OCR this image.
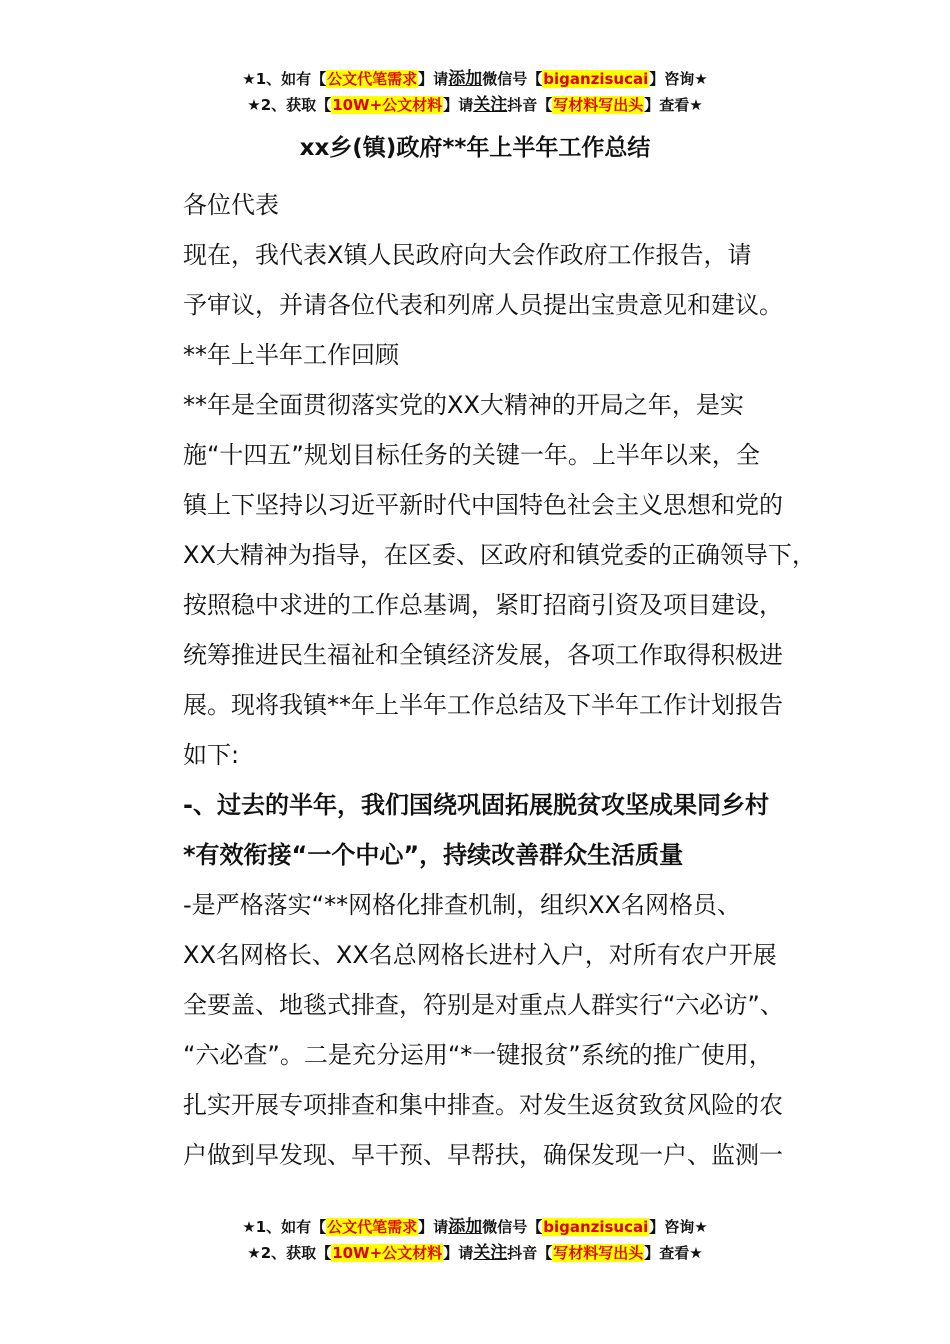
★1、如有【公文代笔需求】请添加微信号【biganzisucai】咨询★
★2、获取【10W+公文材料】请关注抖音【写材料写出头】查看★
xx乡(镇)政府**年上半年工作总结

各位代表

现在，我代表X镇人民政府向大会作政府工作报告，请
予审议，并请各位代表和列席人员提出宝贵意见和建议。

**年上半年工作回顾

**年是全面贯彻落实党的XX大精神的开局之年，是实
施“十四五”规划目标任务的关键一年。上半年以来，全
镇上下坚持以习近平新时代中国特色社会主义思想和党的
XX大精神为指导，在区委、区政府和镇党委的正确领导下，
按照稳中求进的工作总基调，紧盯招商引资及项目建设，
统筹推进民生福祉和全镇经济发展，各项工作取得积极进
展。现将我镇**年上半年工作总结及下半年工作计划报告
如下:

-、过去的半年，我们国绕巩固拓展脱贫攻坚成果同乡村
*有效衔接“一个中心”，持续改善群众生活质量

-是严格落实“**网格化排查机制，组织XX名网格员、
XX名网格长、XX名总网格长进村入户，对所有农户开展
全要盖、地毯式排查，符别是对重点人群实行“六必访”、
“六必查”。二是充分运用“*一键报贫”系统的推广使用，
扎实开展专项排查和集中排查。对发生返贫致贫风险的农
户做到早发现、早干预、早帮扶，确保发现一户、监测一

★1、如有【公文代笔需求】请添加微信号【biganzisucai】咨询★
★2、获取【10W+公文材料】请关注抖音【写材料写出头】查看★
